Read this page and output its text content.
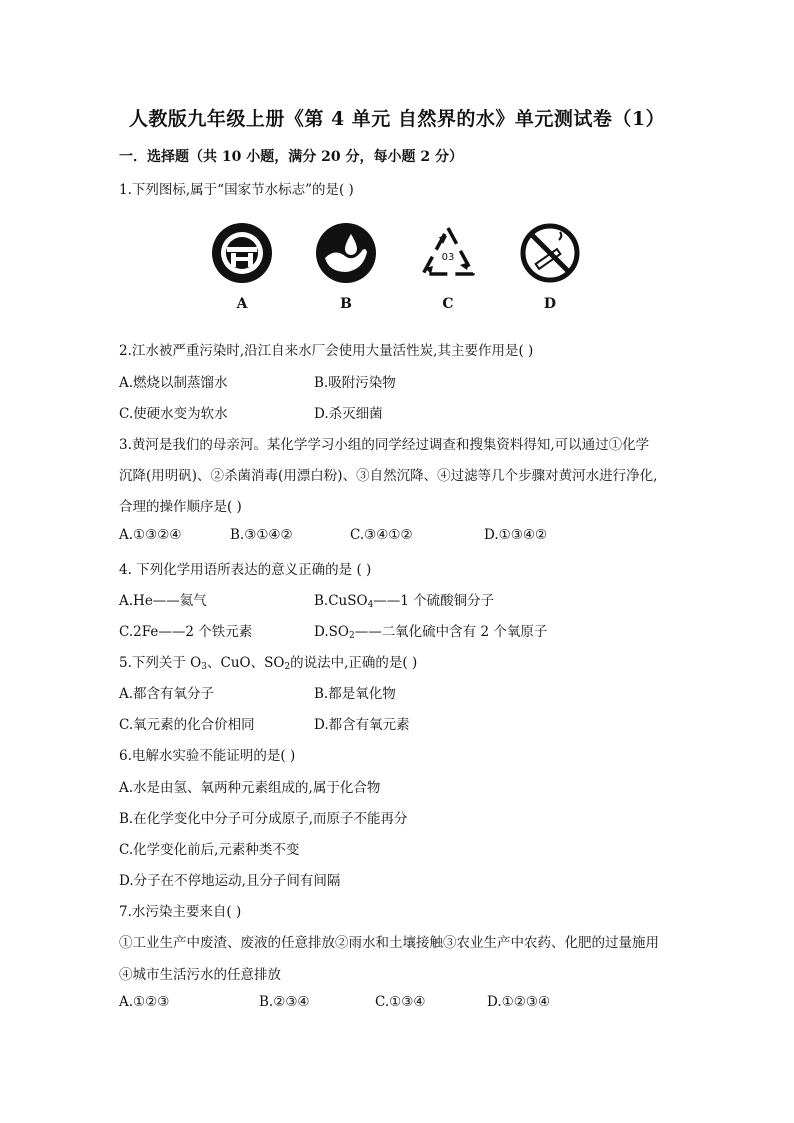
人教版九年级上册《第 4 单元 自然界的水》单元测试卷（1）
一．选择题（共 10 小题，满分 20 分，每小题 2 分）
1.下列图标,属于“国家节水标志”的是( )
03
A	B	C	D
2.江水被严重污染时,沿江自来水厂会使用大量活性炭,其主要作用是( )
A.燃烧以制蒸馏水	B.吸附污染物
C.使硬水变为软水	D.杀灭细菌
3.黄河是我们的母亲河。某化学学习小组的同学经过调查和搜集资料得知,可以通过①化学
沉降(用明矾)、②杀菌消毒(用漂白粉)、③自然沉降、④过滤等几个步骤对黄河水进行净化,
合理的操作顺序是( )
A.①③②④	B.③①④②	C.③④①②	D.①③④②
4. 下列化学用语所表达的意义正确的是 ( )
A.He——氦气	B.CuSO$_4$——1 个硫酸铜分子
C.2Fe——2 个铁元素	$D.SO_2——$二氧化硫中含有 2 个氧原子
5.下列关于 $O_3$、CuO、$SO_2$的说法中,正确的是( )
A.都含有氧分子	B.都是氧化物
C.氧元素的化合价相同	D.都含有氧元素
6.电解水实验不能证明的是( )
A.水是由氢、氧两种元素组成的,属于化合物
B.在化学变化中分子可分成原子,而原子不能再分
C.化学变化前后,元素种类不变
D.分子在不停地运动,且分子间有间隔
7.水污染主要来自( )
①工业生产中废渣、废液的任意排放②雨水和土壤接触③农业生产中农药、化肥的过量施用
④城市生活污水的任意排放
A.①②③	B.②③④	C.①③④	D.①②③④
